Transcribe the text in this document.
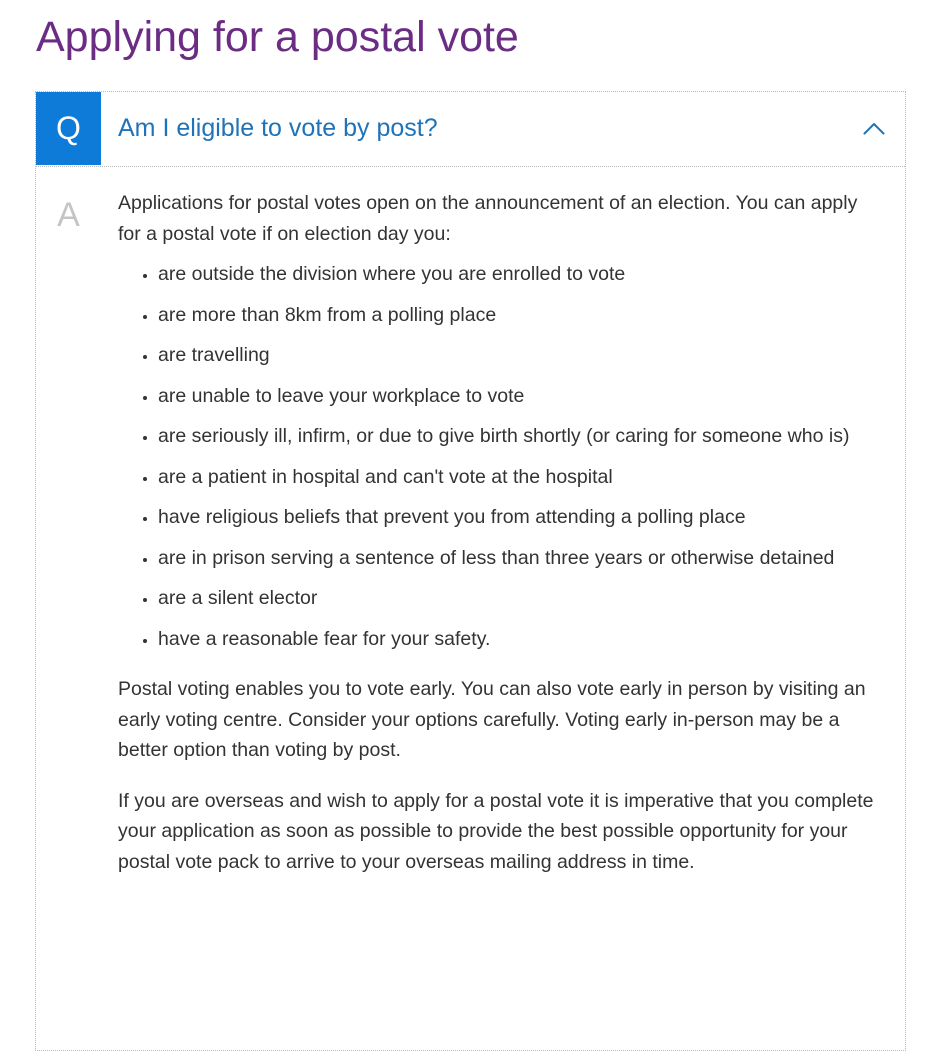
Applying for a postal vote
Q	Am I eligible to vote by post?
A	Applications for postal votes open on the announcement of an election. You can apply for a postal vote if on election day you:

• are outside the division where you are enrolled to vote
• are more than 8km from a polling place
• are travelling
• are unable to leave your workplace to vote
• are seriously ill, infirm, or due to give birth shortly (or caring for someone who is)
• are a patient in hospital and can't vote at the hospital
• have religious beliefs that prevent you from attending a polling place
• are in prison serving a sentence of less than three years or otherwise detained
• are a silent elector
• have a reasonable fear for your safety.

Postal voting enables you to vote early. You can also vote early in person by visiting an early voting centre. Consider your options carefully. Voting early in-person may be a better option than voting by post.

If you are overseas and wish to apply for a postal vote it is imperative that you complete your application as soon as possible to provide the best possible opportunity for your postal vote pack to arrive to your overseas mailing address in time.
